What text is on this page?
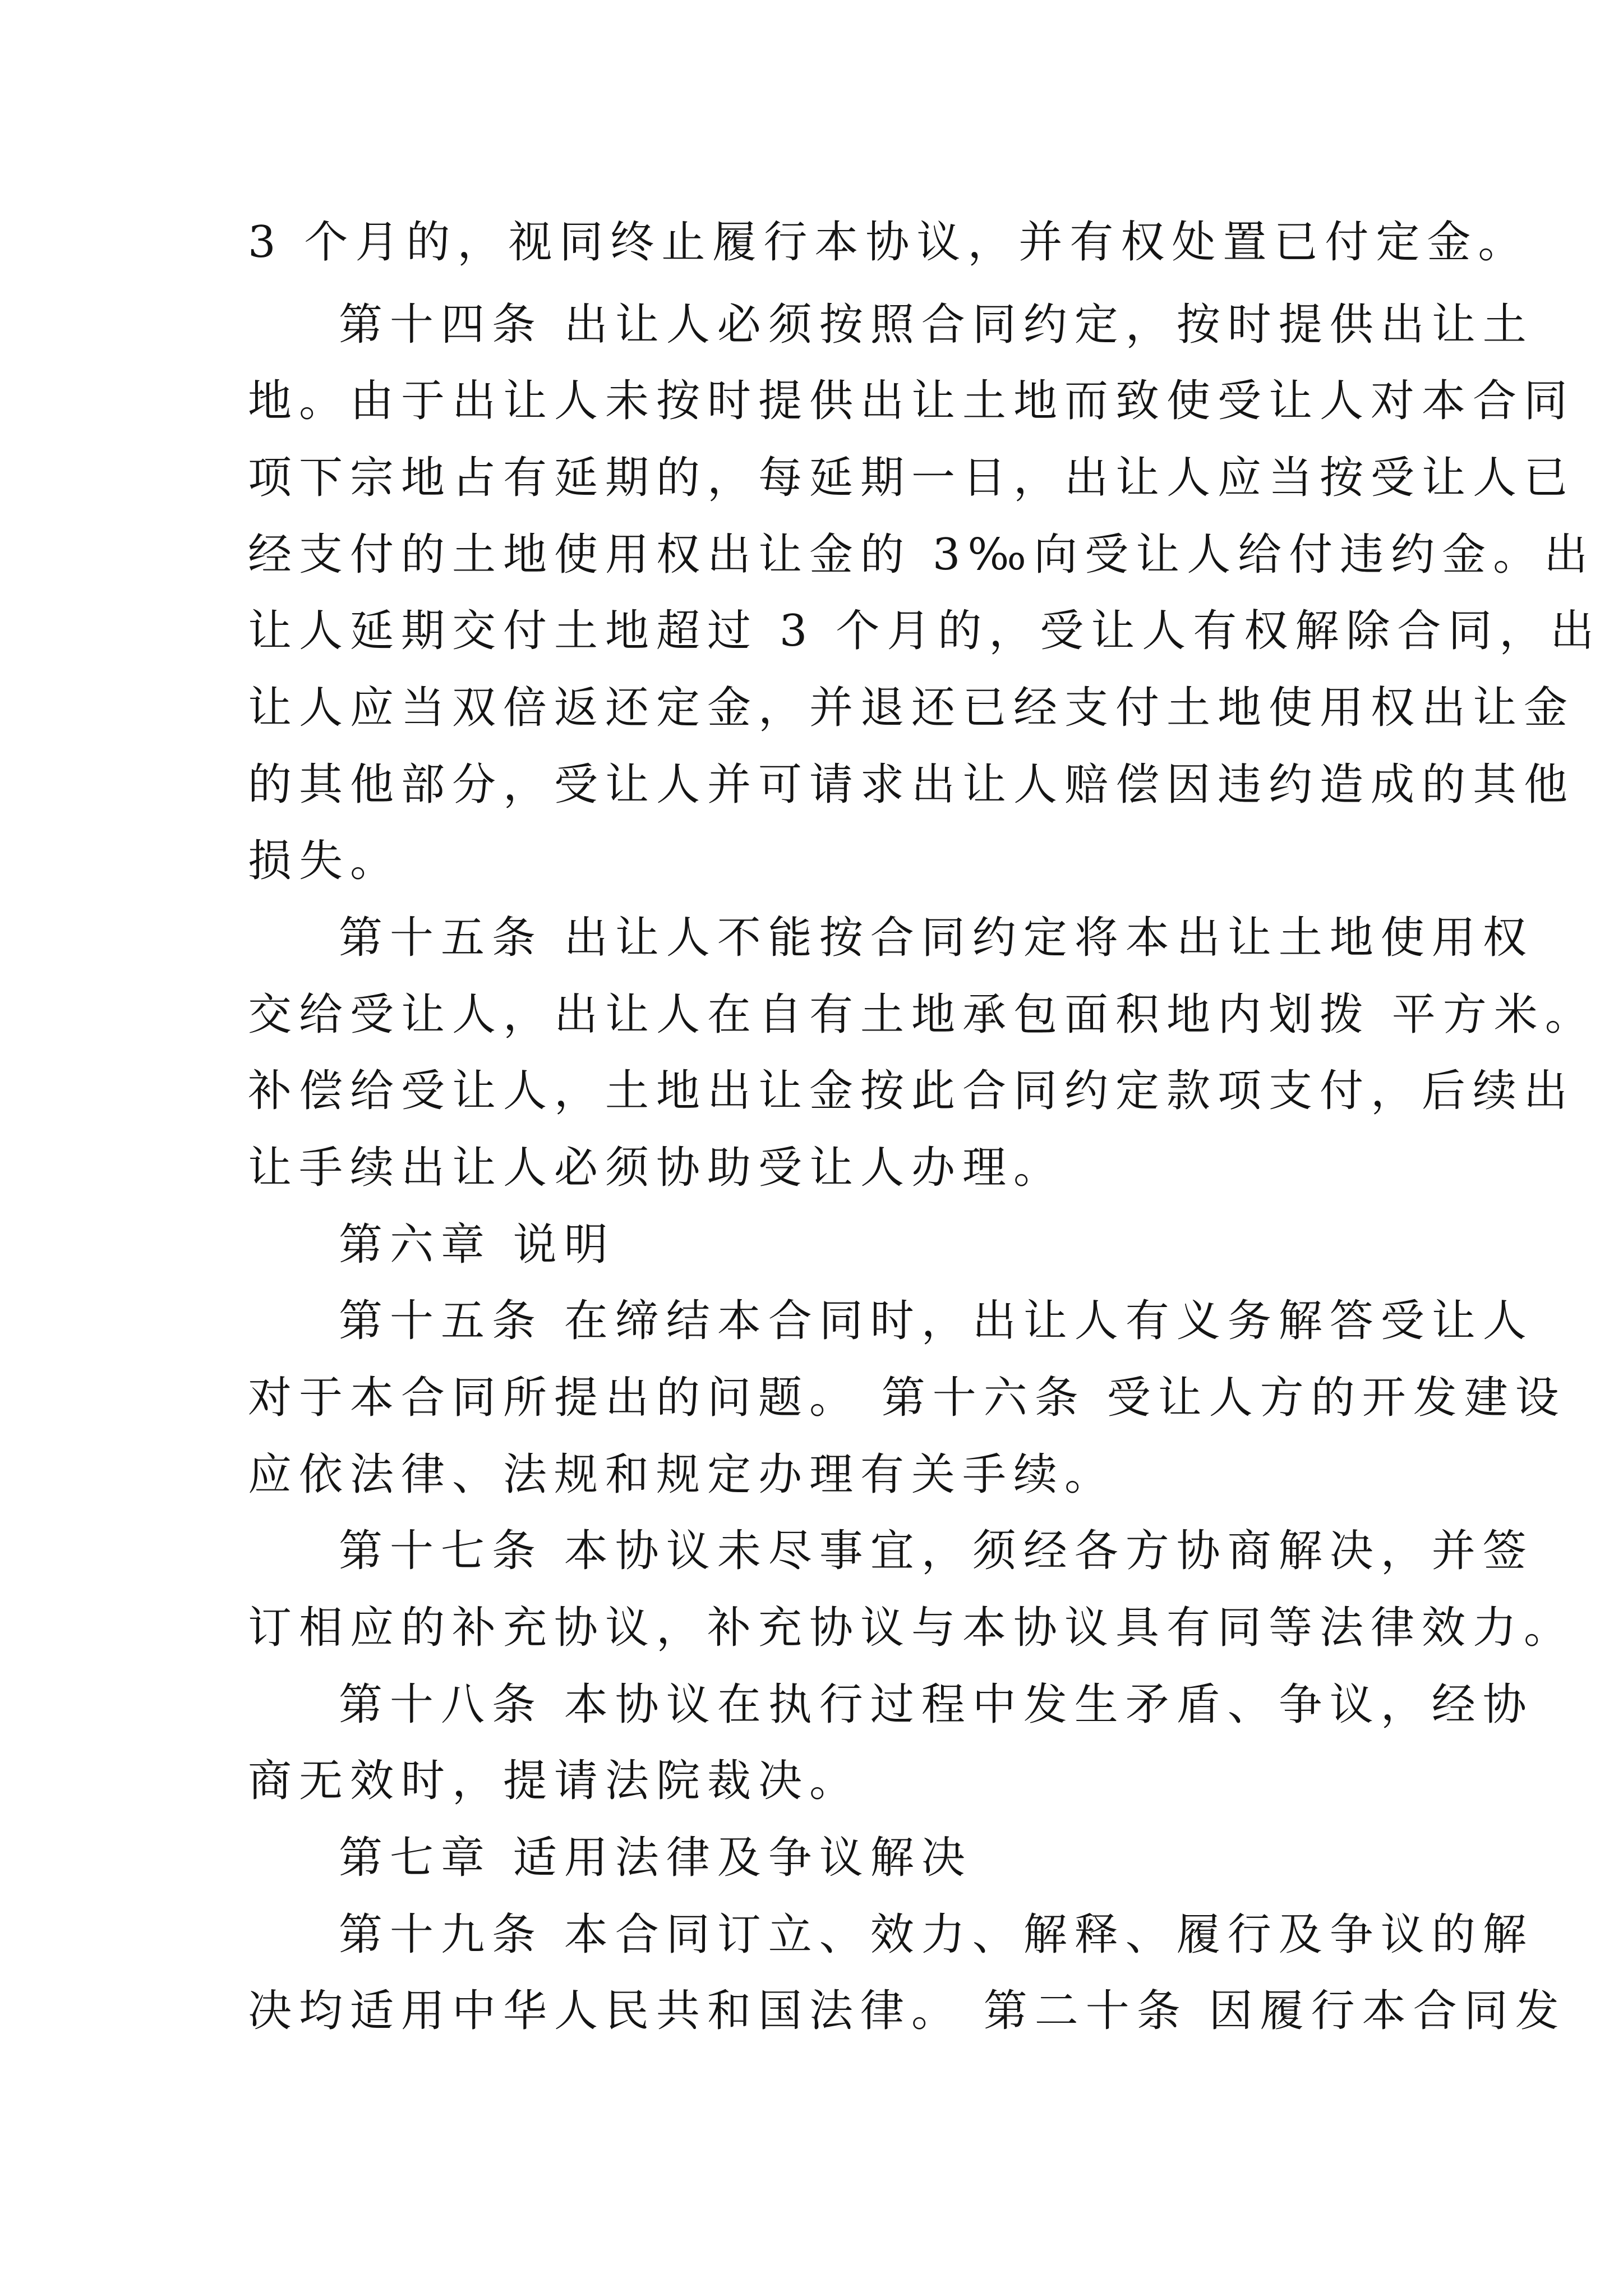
3 个月的，视同终止履行本协议，并有权处置已付定金。

第十四条 出让人必须按照合同约定，按时提供出让土

地。由于出让人未按时提供出让土地而致使受让人对本合同

项下宗地占有延期的，每延期一日，出让人应当按受让人已

经支付的土地使用权出让金的 3‰向受让人给付违约金。出

让人延期交付土地超过 3 个月的，受让人有权解除合同，出

让人应当双倍返还定金，并退还已经支付土地使用权出让金

的其他部分，受让人并可请求出让人赔偿因违约造成的其他

损失。

第十五条 出让人不能按合同约定将本出让土地使用权

交给受让人，出让人在自有土地承包面积地内划拨 平方米。

补偿给受让人，土地出让金按此合同约定款项支付，后续出

让手续出让人必须协助受让人办理。

第六章 说明

第十五条 在缔结本合同时，出让人有义务解答受让人

对于本合同所提出的问题。 第十六条 受让人方的开发建设

应依法律、法规和规定办理有关手续。

第十七条 本协议未尽事宜，须经各方协商解决，并签

订相应的补充协议，补充协议与本协议具有同等法律效力。

第十八条 本协议在执行过程中发生矛盾、争议，经协

商无效时，提请法院裁决。

第七章 适用法律及争议解决

第十九条 本合同订立、效力、解释、履行及争议的解

决均适用中华人民共和国法律。 第二十条 因履行本合同发
